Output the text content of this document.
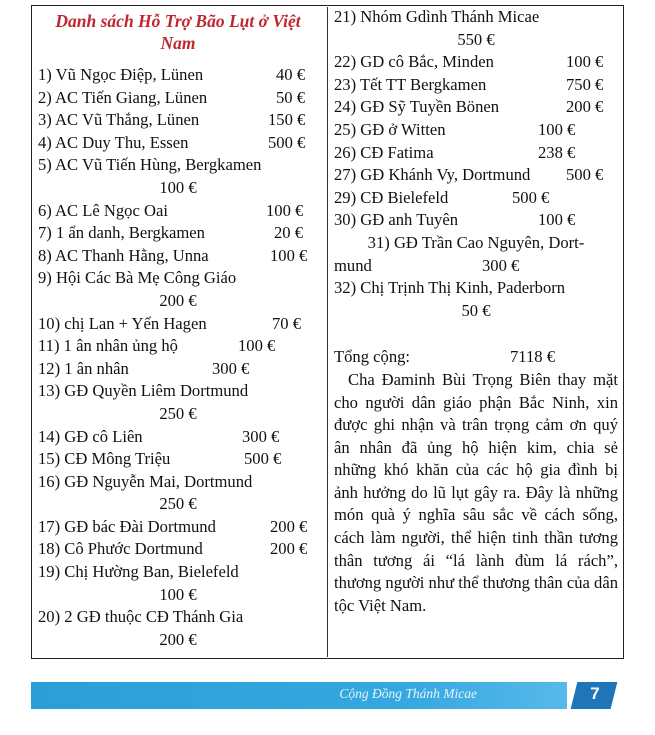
Danh sách Hỗ Trợ Bão Lụt ở Việt Nam
1) Vũ Ngọc Điệp, Lünen	40 €
2) AC Tiến Giang, Lünen	50 €
3) AC Vũ Thắng, Lünen	150 €
4) AC Duy Thu, Essen	500 €
5) AC Vũ Tiến Hùng, Bergkamen
100 €
6) AC Lê Ngọc Oai	100 €
7) 1 ẩn danh, Bergkamen	20 €
8) AC Thanh Hằng, Unna	100 €
9) Hội Các Bà Mẹ Công Giáo
200 €
10) chị Lan + Yến Hagen	70 €
11) 1 ân nhân ủng hộ	100 €
12) 1 ân nhân	300 €
13) GĐ Quyền Liêm Dortmund
250 €
14) GĐ cô Liên	300 €
15) CĐ Mông Triệu	500 €
16) GĐ Nguyễn Mai, Dortmund
250 €
17) GĐ bác Đài Dortmund	200 €
18) Cô Phước Dortmund	200 €
19) Chị Hường Ban, Bielefeld
100 €
20) 2 GĐ thuộc CĐ Thánh Gia
200 €
21) Nhóm Gdình Thánh Micae
550 €
22) GD cô Bắc, Minden	100 €
23) Tết TT Bergkamen	750 €
24) GĐ Sỹ Tuyền Bönen	200 €
25) GĐ ở Witten	100 €
26) CĐ Fatima	238 €
27) GĐ Khánh Vy, Dortmund 500 €
29) CĐ Bielefeld	500 €
30) GĐ anh Tuyên	100 €
31) GĐ Trần Cao Nguyên, Dort-
mund	300 €
32) Chị Trịnh Thị Kinh, Paderborn
50 €
Tổng cộng:	7118 €
Cha Đaminh Bùi Trọng Biên thay mặt cho người dân giáo phận Bắc Ninh, xin được ghi nhận và trân trọng cảm ơn quý ân nhân đã ủng hộ hiện kim, chia sẻ những khó khăn của các hộ gia đình bị ảnh hưởng do lũ lụt gây ra. Đây là những món quà ý nghĩa sâu sắc về cách sống, cách làm người, thể hiện tinh thần tương thân tương ái “lá lành đùm lá rách”, thương người như thể thương thân của dân tộc Việt Nam.
Cộng Đồng Thánh Micae	7
